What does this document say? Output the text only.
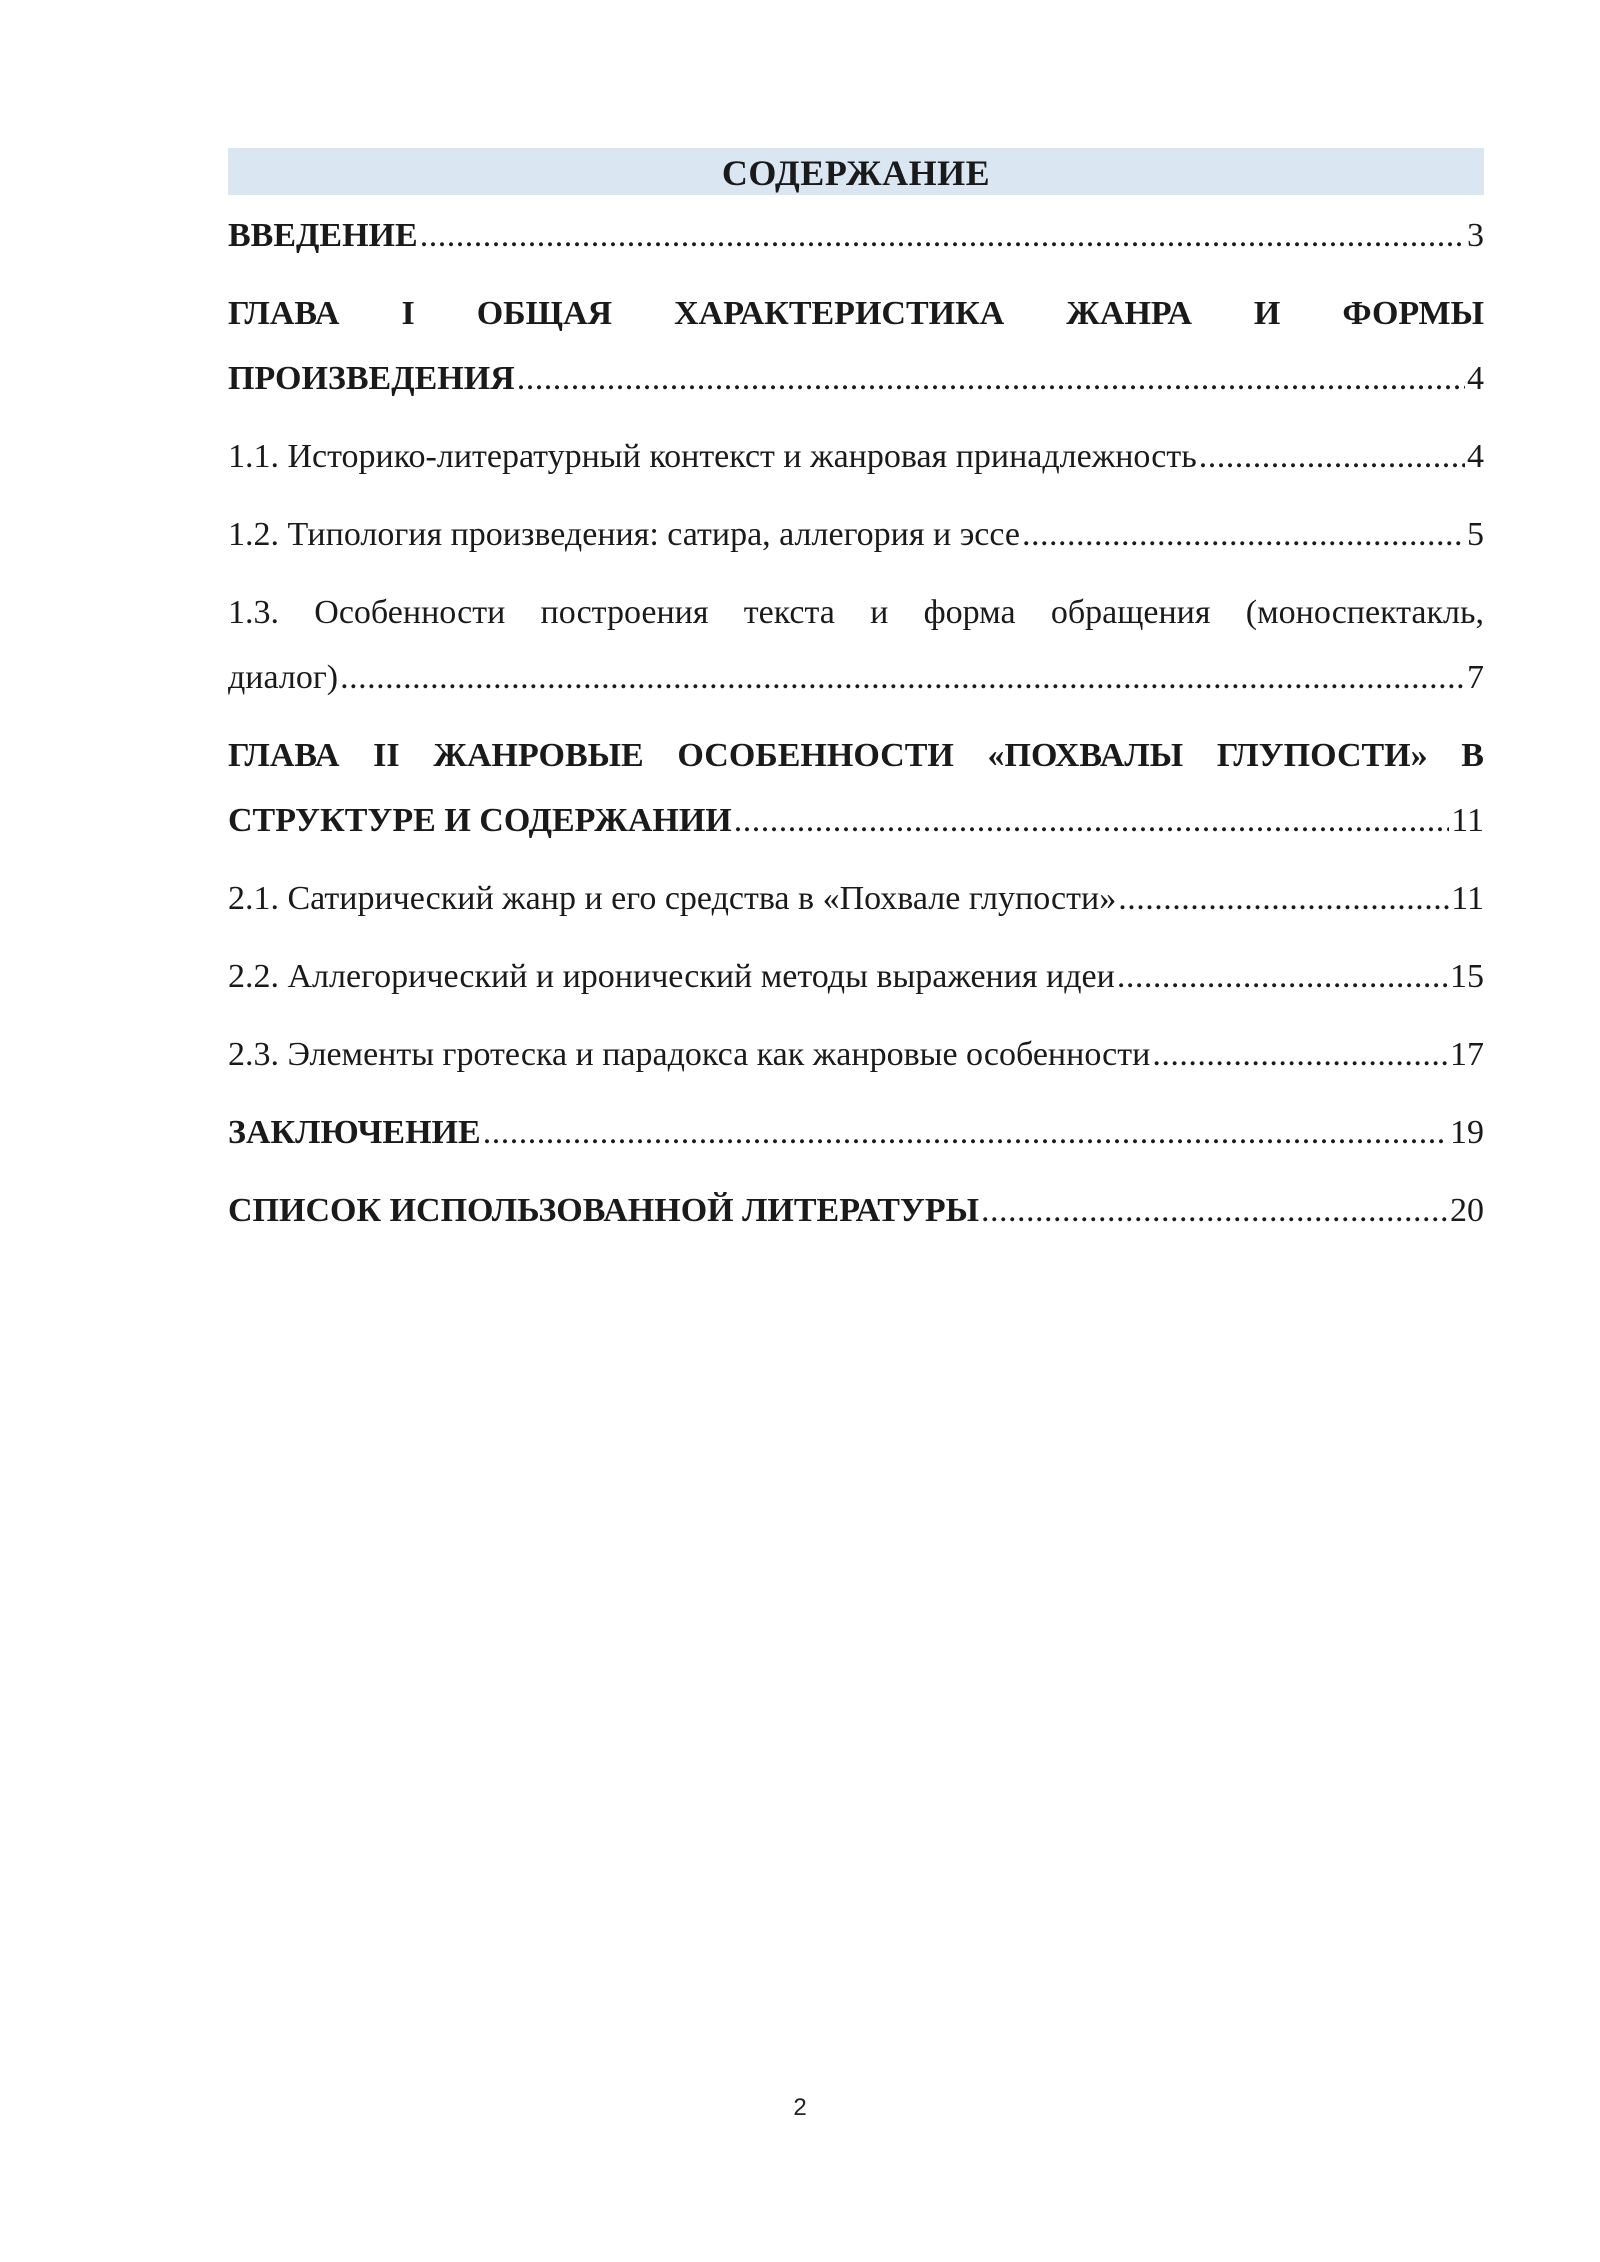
СОДЕРЖАНИЕ
ВВЕДЕНИЕ .....	3
ГЛАВА I ОБЩАЯ ХАРАКТЕРИСТИКА ЖАНРА И ФОРМЫ
ПРОИЗВЕДЕНИЯ .....	4
1.1. Историко-литературный контекст и жанровая принадлежность .....	4
1.2. Типология произведения: сатира, аллегория и эссе .....	5
1.3. Особенности построения текста и форма обращения (моноспектакль,
диалог) .....	7
ГЛАВА II ЖАНРОВЫЕ ОСОБЕННОСТИ «ПОХВАЛЫ ГЛУПОСТИ» В
СТРУКТУРЕ И СОДЕРЖАНИИ .....	11
2.1. Сатирический жанр и его средства в «Похвале глупости» .....	11
2.2. Аллегорический и иронический методы выражения идеи .....	15
2.3. Элементы гротеска и парадокса как жанровые особенности .....	17
ЗАКЛЮЧЕНИЕ .....	19
СПИСОК ИСПОЛЬЗОВАННОЙ ЛИТЕРАТУРЫ .....	20
2
